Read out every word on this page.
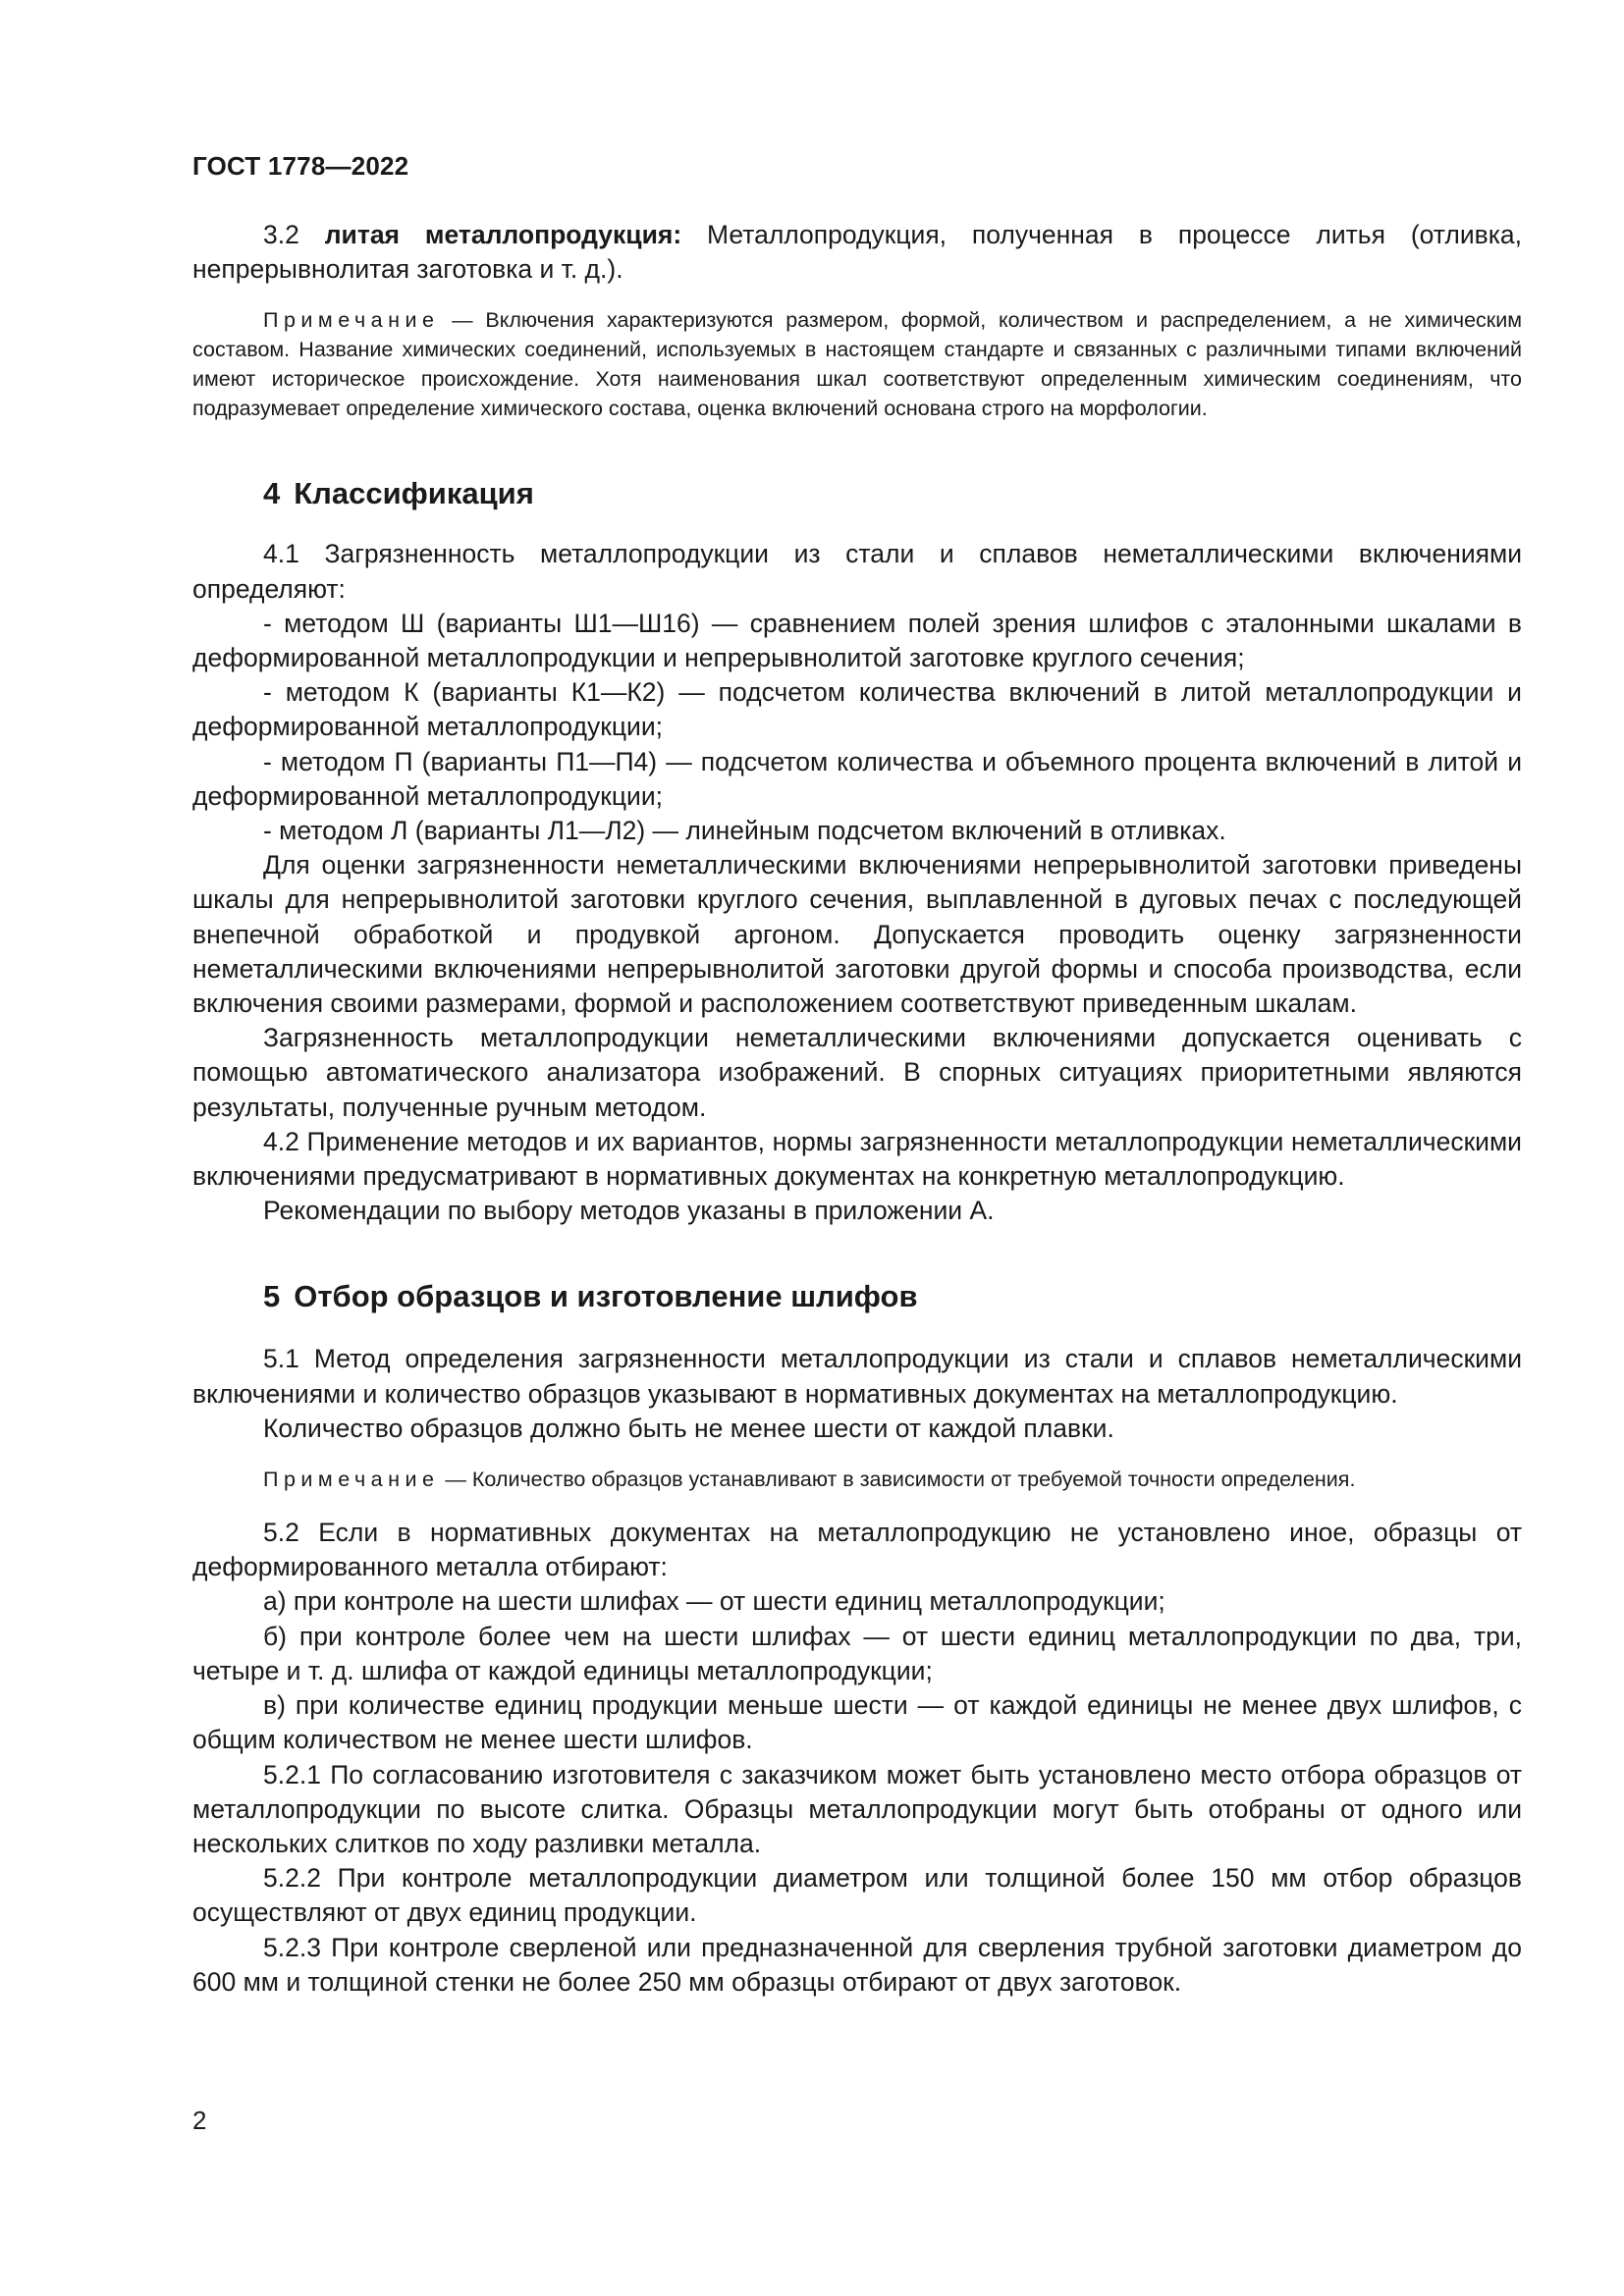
ГОСТ 1778—2022

3.2 литая металлопродукция: Металлопродукция, полученная в процессе литья (отливка, непрерывнолитая заготовка и т. д.).

Примечание — Включения характеризуются размером, формой, количеством и распределением, а не химическим составом. Название химических соединений, используемых в настоящем стандарте и связанных с различными типами включений имеют историческое происхождение. Хотя наименования шкал соответствуют определенным химическим соединениям, что подразумевает определение химического состава, оценка включений основана строго на морфологии.

4 Классификация

4.1 Загрязненность металлопродукции из стали и сплавов неметаллическими включениями определяют:

- методом Ш (варианты Ш1—Ш16) — сравнением полей зрения шлифов с эталонными шкалами в деформированной металлопродукции и непрерывнолитой заготовке круглого сечения;

- методом К (варианты К1—К2) — подсчетом количества включений в литой металлопродукции и деформированной металлопродукции;

- методом П (варианты П1—П4) — подсчетом количества и объемного процента включений в литой и деформированной металлопродукции;

- методом Л (варианты Л1—Л2) — линейным подсчетом включений в отливках.

Для оценки загрязненности неметаллическими включениями непрерывнолитой заготовки приведены шкалы для непрерывнолитой заготовки круглого сечения, выплавленной в дуговых печах с последующей внепечной обработкой и продувкой аргоном. Допускается проводить оценку загрязненности неметаллическими включениями непрерывнолитой заготовки другой формы и способа производства, если включения своими размерами, формой и расположением соответствуют приведенным шкалам.

Загрязненность металлопродукции неметаллическими включениями допускается оценивать с помощью автоматического анализатора изображений. В спорных ситуациях приоритетными являются результаты, полученные ручным методом.

4.2 Применение методов и их вариантов, нормы загрязненности металлопродукции неметаллическими включениями предусматривают в нормативных документах на конкретную металлопродукцию.

Рекомендации по выбору методов указаны в приложении А.

5 Отбор образцов и изготовление шлифов

5.1 Метод определения загрязненности металлопродукции из стали и сплавов неметаллическими включениями и количество образцов указывают в нормативных документах на металлопродукцию.

Количество образцов должно быть не менее шести от каждой плавки.

Примечание — Количество образцов устанавливают в зависимости от требуемой точности определения.

5.2 Если в нормативных документах на металлопродукцию не установлено иное, образцы от деформированного металла отбирают:

а) при контроле на шести шлифах — от шести единиц металлопродукции;

б) при контроле более чем на шести шлифах — от шести единиц металлопродукции по два, три, четыре и т. д. шлифа от каждой единицы металлопродукции;

в) при количестве единиц продукции меньше шести — от каждой единицы не менее двух шлифов, с общим количеством не менее шести шлифов.

5.2.1 По согласованию изготовителя с заказчиком может быть установлено место отбора образцов от металлопродукции по высоте слитка. Образцы металлопродукции могут быть отобраны от одного или нескольких слитков по ходу разливки металла.

5.2.2 При контроле металлопродукции диаметром или толщиной более 150 мм отбор образцов осуществляют от двух единиц продукции.

5.2.3 При контроле сверленой или предназначенной для сверления трубной заготовки диаметром до 600 мм и толщиной стенки не более 250 мм образцы отбирают от двух заготовок.

2
